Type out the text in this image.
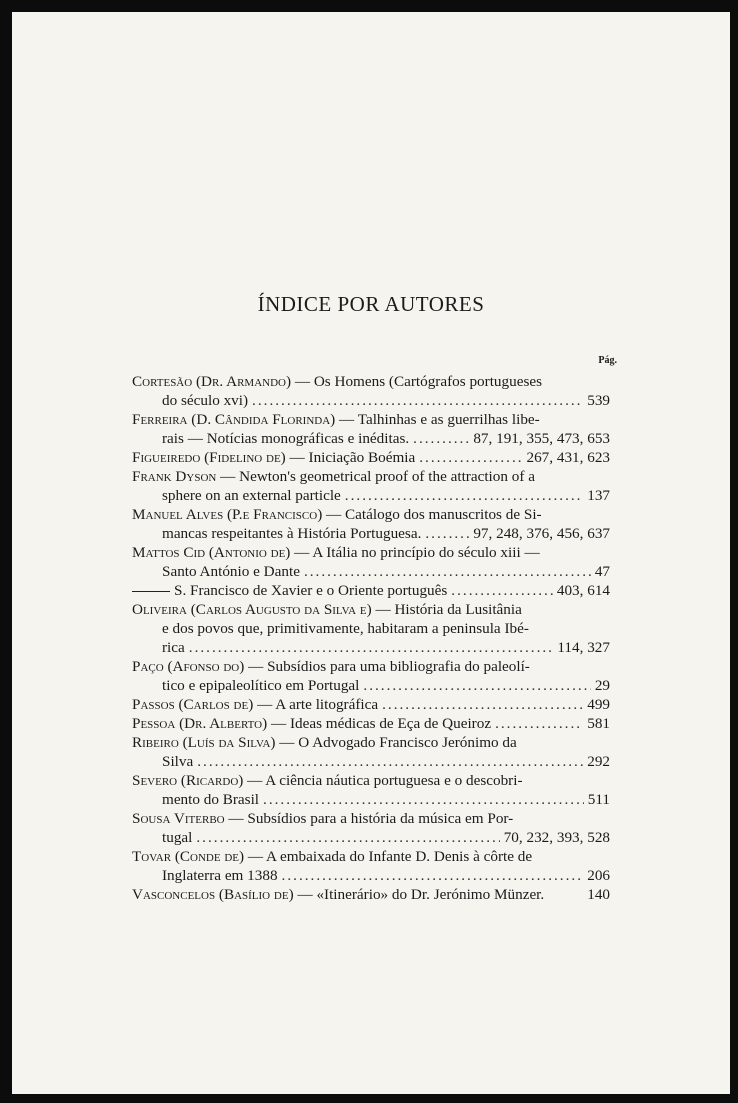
ÍNDICE POR AUTORES
Pág.
Cortesão (Dr. Armando) — Os Homens (Cartógrafos portugueses
do século xvi) .....	539
Ferreira (D. Cândida Florinda) — Talhinhas e as guerrilhas libe-
rais — Notícias monográficas e inéditas. .....	87, 191, 355, 473, 653
Figueiredo (Fidelino de) — Iniciação Boémia .....	267, 431, 623
Frank Dyson — Newton's geometrical proof of the attraction of a
sphere on an external particle .....	137
Manuel Alves (P.e Francisco) — Catálogo dos manuscritos de Si-
mancas respeitantes à História Portuguesa. .....	97, 248, 376, 456, 637
Mattos Cid (Antonio de) — A Itália no princípio do século xiii —
Santo António e Dante .....	47
S. Francisco de Xavier e o Oriente português .....	403, 614
Oliveira (Carlos Augusto da Silva e) — História da Lusitânia
e dos povos que, primitivamente, habitaram a peninsula Ibé-
rica .....	114, 327
Paço (Afonso do) — Subsídios para uma bibliografia do paleolí-
tico e epipaleolítico em Portugal .....	29
Passos (Carlos de) — A arte litográfica .....	499
Pessoa (Dr. Alberto) — Ideas médicas de Eça de Queiroz .....	581
Ribeiro (Luís da Silva) — O Advogado Francisco Jerónimo da
Silva .....	292
Severo (Ricardo) — A ciência náutica portuguesa e o descobri-
mento do Brasil .....	511
Sousa Viterbo — Subsídios para a história da música em Por-
tugal .....	70, 232, 393, 528
Tovar (Conde de) — A embaixada do Infante D. Denis à côrte de
Inglaterra em 1388 .....	206
Vasconcelos (Basílio de) — «Itinerário» do Dr. Jerónimo Münzer.	140
